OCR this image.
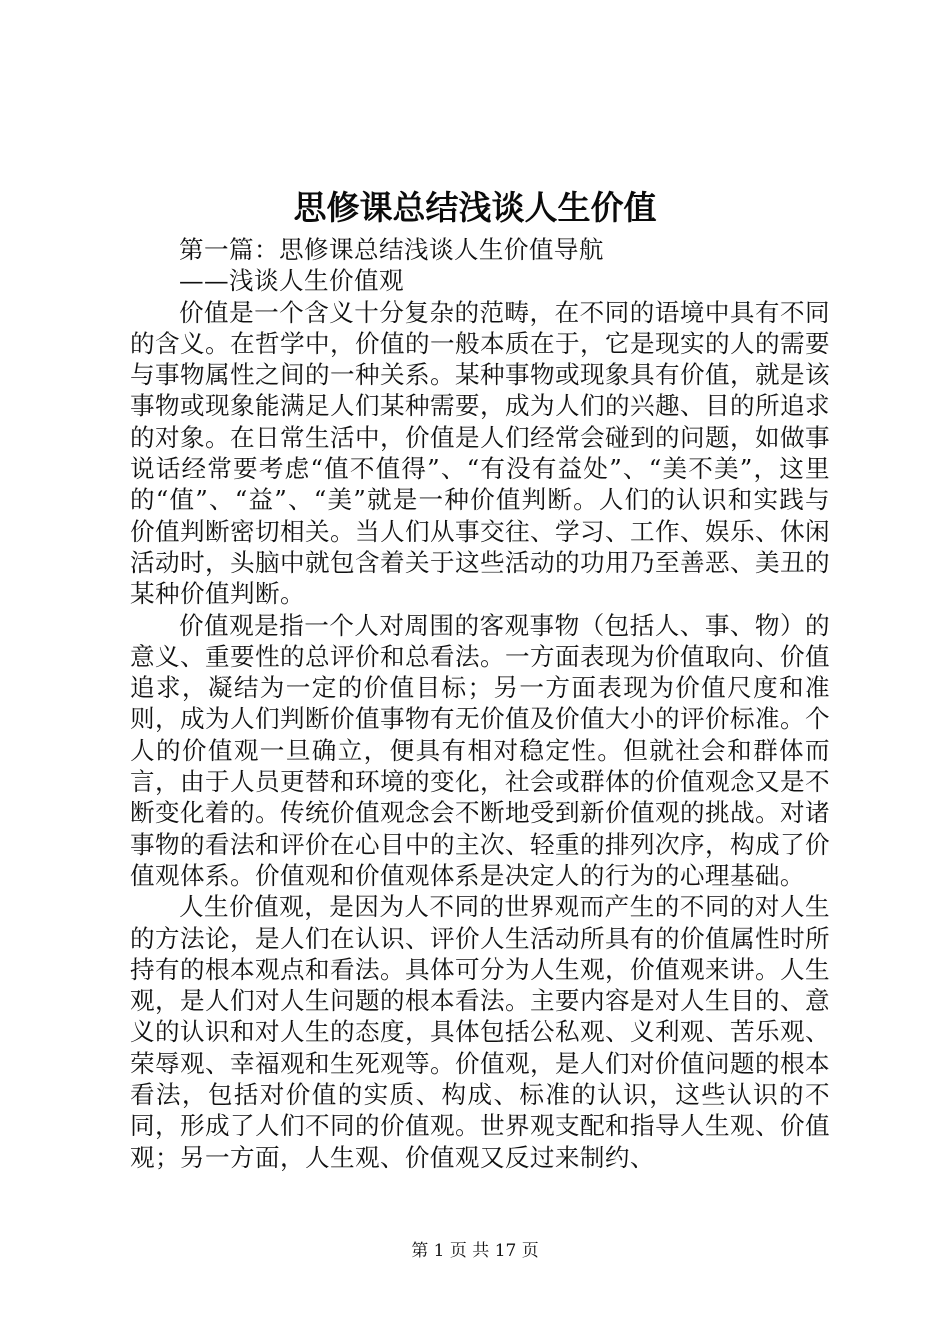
思修课总结浅谈人生价值

第一篇：思修课总结浅谈人生价值导航

——浅谈人生价值观

价值是一个含义十分复杂的范畴，在不同的语境中具有不同的含义。在哲学中，价值的一般本质在于，它是现实的人的需要与事物属性之间的一种关系。某种事物或现象具有价值，就是该事物或现象能满足人们某种需要，成为人们的兴趣、目的所追求的对象。在日常生活中，价值是人们经常会碰到的问题，如做事说话经常要考虑“值不值得”、“有没有益处”、“美不美”，这里的“值”、“益”、“美”就是一种价值判断。人们的认识和实践与价值判断密切相关。当人们从事交往、学习、工作、娱乐、休闲活动时，头脑中就包含着关于这些活动的功用乃至善恶、美丑的某种价值判断。

价值观是指一个人对周围的客观事物（包括人、事、物）的意义、重要性的总评价和总看法。一方面表现为价值取向、价值追求，凝结为一定的价值目标；另一方面表现为价值尺度和准则，成为人们判断价值事物有无价值及价值大小的评价标准。个人的价值观一旦确立，便具有相对稳定性。但就社会和群体而言，由于人员更替和环境的变化，社会或群体的价值观念又是不断变化着的。传统价值观念会不断地受到新价值观的挑战。对诸事物的看法和评价在心目中的主次、轻重的排列次序，构成了价值观体系。价值观和价值观体系是决定人的行为的心理基础。

人生价值观，是因为人不同的世界观而产生的不同的对人生的方法论，是人们在认识、评价人生活动所具有的价值属性时所持有的根本观点和看法。具体可分为人生观，价值观来讲。人生观，是人们对人生问题的根本看法。主要内容是对人生目的、意义的认识和对人生的态度，具体包括公私观、义利观、苦乐观、荣辱观、幸福观和生死观等。价值观，是人们对价值问题的根本看法，包括对价值的实质、构成、标准的认识，这些认识的不同，形成了人们不同的价值观。世界观支配和指导人生观、价值观；另一方面，人生观、价值观又反过来制约、

第 1 页 共 17 页
